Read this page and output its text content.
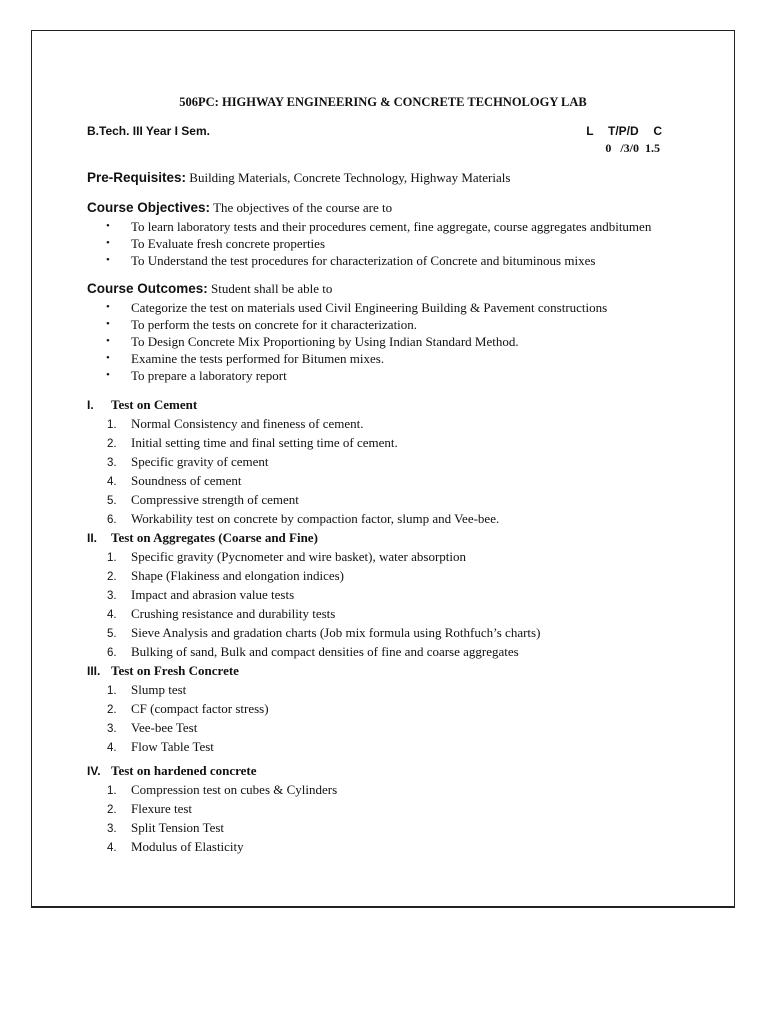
506PC: HIGHWAY ENGINEERING & CONCRETE TECHNOLOGY LAB
B.Tech. III Year I Sem.	L  T/P/D  C
0   /3/0  1.5
Pre-Requisites: Building Materials, Concrete Technology, Highway Materials
Course Objectives: The objectives of the course are to
• To learn laboratory tests and their procedures cement, fine aggregate, course aggregates andbitumen
• To Evaluate fresh concrete properties
• To Understand the test procedures for characterization of Concrete and bituminous mixes
Course Outcomes: Student shall be able to
• Categorize the test on materials used Civil Engineering Building & Pavement constructions
• To perform the tests on concrete for it characterization.
• To Design Concrete Mix Proportioning by Using Indian Standard Method.
• Examine the tests performed for Bitumen mixes.
• To prepare a laboratory report
I. Test on Cement
1. Normal Consistency and fineness of cement.
2. Initial setting time and final setting time of cement.
3. Specific gravity of cement
4. Soundness of cement
5. Compressive strength of cement
6. Workability test on concrete by compaction factor, slump and Vee-bee.
II. Test on Aggregates (Coarse and Fine)
1. Specific gravity (Pycnometer and wire basket), water absorption
2. Shape (Flakiness and elongation indices)
3. Impact and abrasion value tests
4. Crushing resistance and durability tests
5. Sieve Analysis and gradation charts (Job mix formula using Rothfuch’s charts)
6. Bulking of sand, Bulk and compact densities of fine and coarse aggregates
III. Test on Fresh Concrete
1. Slump test
2. CF (compact factor stress)
3. Vee-bee Test
4. Flow Table Test
IV. Test on hardened concrete
1. Compression test on cubes & Cylinders
2. Flexure test
3. Split Tension Test
4. Modulus of Elasticity
